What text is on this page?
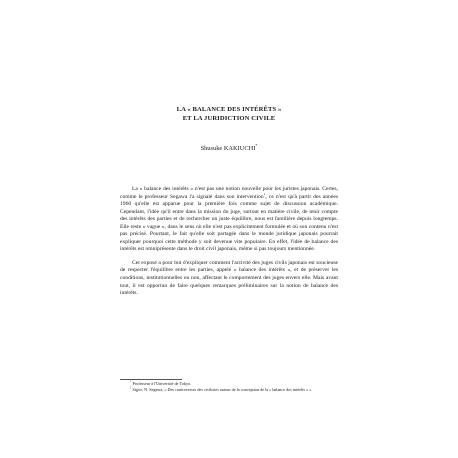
LA « BALANCE DES INTÉRÊTS »
ET LA JURIDICTION CIVILE
Shusuke KAKIUCHI*

La « balance des intérêts » n'est pas une notion nouvelle pour les juristes japonais. Certes, comme le professeur Segawa l'a signalé dans son intervention$^1$, ce n'est qu'à partir des années 1960 qu'elle est apparue pour la première fois comme sujet de discussion académique. Cependant, l'idée qu'il entre dans la mission du juge, surtout en matière civile, de tenir compte des intérêts des parties et de rechercher un juste équilibre, nous est familière depuis longtemps. Elle reste « vague », dans le sens où elle n'est pas explicitement formulée et où son contenu n'est pas précisé. Pourtant, le fait qu'elle soit partagée dans le monde juridique japonais pourrait expliquer pourquoi cette méthode y soit devenue vite populaire. En effet, l'idée de balance des intérêts est omniprésente dans le droit civil japonais, même si pas toujours mentionnée.

Cet exposé a pour but d'expliquer comment l'activité des juges civils japonais est soucieuse de respecter l'équilibre entre les parties, appelé « balance des intérêts », et de préserver les conditions, institutionnelles ou non, affectant le comportement des juges envers elle. Mais avant tout, il est opportun de faire quelques remarques préliminaires sur la notion de balance des intérêts.

* Professeur à l'Université de Tokyo.

$^1$ Sigve, N. Segawa, « Des controverses des civilistes autour de la conception de la « balance des intérêts » ».
